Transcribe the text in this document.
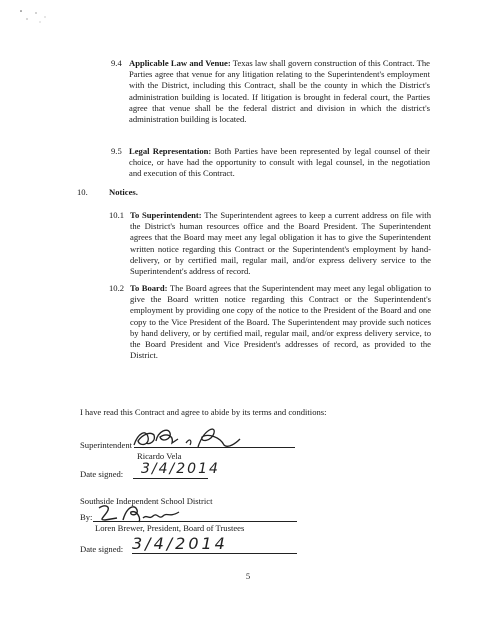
9.4 Applicable Law and Venue: Texas law shall govern construction of this Contract. The Parties agree that venue for any litigation relating to the Superintendent's employment with the District, including this Contract, shall be the county in which the District's administration building is located. If litigation is brought in federal court, the Parties agree that venue shall be the federal district and division in which the district's administration building is located.
9.5 Legal Representation: Both Parties have been represented by legal counsel of their choice, or have had the opportunity to consult with legal counsel, in the negotiation and execution of this Contract.
10. Notices.
10.1 To Superintendent: The Superintendent agrees to keep a current address on file with the District's human resources office and the Board President. The Superintendent agrees that the Board may meet any legal obligation it has to give the Superintendent written notice regarding this Contract or the Superintendent's employment by hand-delivery, or by certified mail, regular mail, and/or express delivery service to the Superintendent's address of record.
10.2 To Board: The Board agrees that the Superintendent may meet any legal obligation to give the Board written notice regarding this Contract or the Superintendent's employment by providing one copy of the notice to the President of the Board and one copy to the Vice President of the Board. The Superintendent may provide such notices by hand delivery, or by certified mail, regular mail, and/or express delivery service, to the Board President and Vice President's addresses of record, as provided to the District.
I have read this Contract and agree to abide by its terms and conditions:
Superintendent
Ricardo Vela
Date signed: 3/4/2014
Southside Independent School District
By:
Loren Brewer, President, Board of Trustees
Date signed: 3/4/2014
5
